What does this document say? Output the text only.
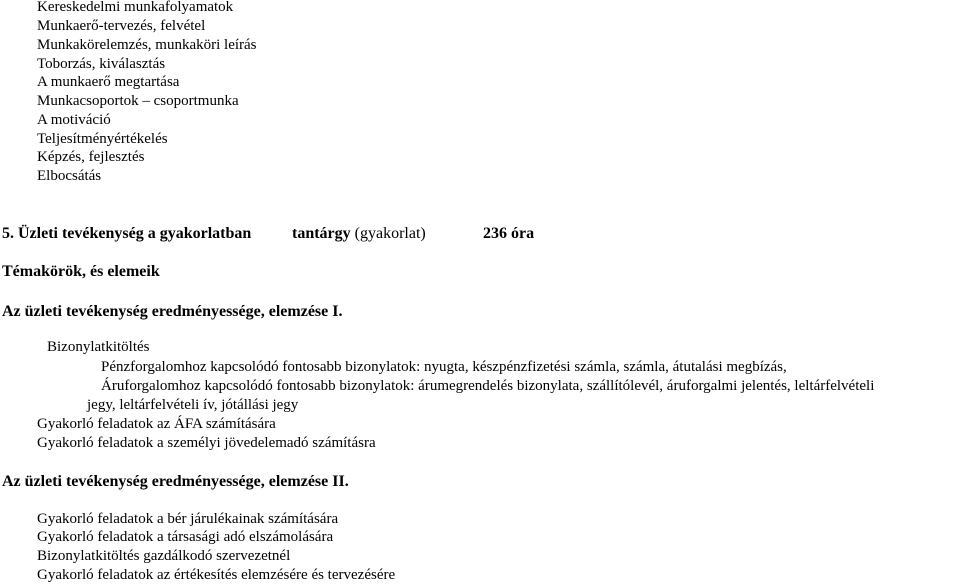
Kereskedelmi munkafolyamatok
Munkaerő-tervezés, felvétel
Munkakörelemzés, munkaköri leírás
Toborzás, kiválasztás
A munkaerő megtartása
Munkacsoportok – csoportmunka
A motiváció
Teljesítményértékelés
Képzés, fejlesztés
Elbocsátás
5. Üzleti tevékenység a gyakorlatban	tantárgy (gyakorlat)	236 óra
Témakörök, és elemeik
Az üzleti tevékenység eredményessége, elemzése I.
Bizonylatkitöltés
Pénzforgalomhoz kapcsolódó fontosabb bizonylatok: nyugta, készpénzfizetési számla, számla, átutalási megbízás,
Áruforgalomhoz kapcsolódó fontosabb bizonylatok: árumegrendelés bizonylata, szállítólevél, áruforgalmi jelentés, leltárfelvételi
jegy, leltárfelvételi ív, jótállási jegy
Gyakorló feladatok az ÁFA számítására
Gyakorló feladatok a személyi jövedelemadó számításra
Az üzleti tevékenység eredményessége, elemzése II.
Gyakorló feladatok a bér járulékainak számítására
Gyakorló feladatok a társasági adó elszámolására
Bizonylatkitöltés gazdálkodó szervezetnél
Gyakorló feladatok az értékesítés elemzésére és tervezésére
